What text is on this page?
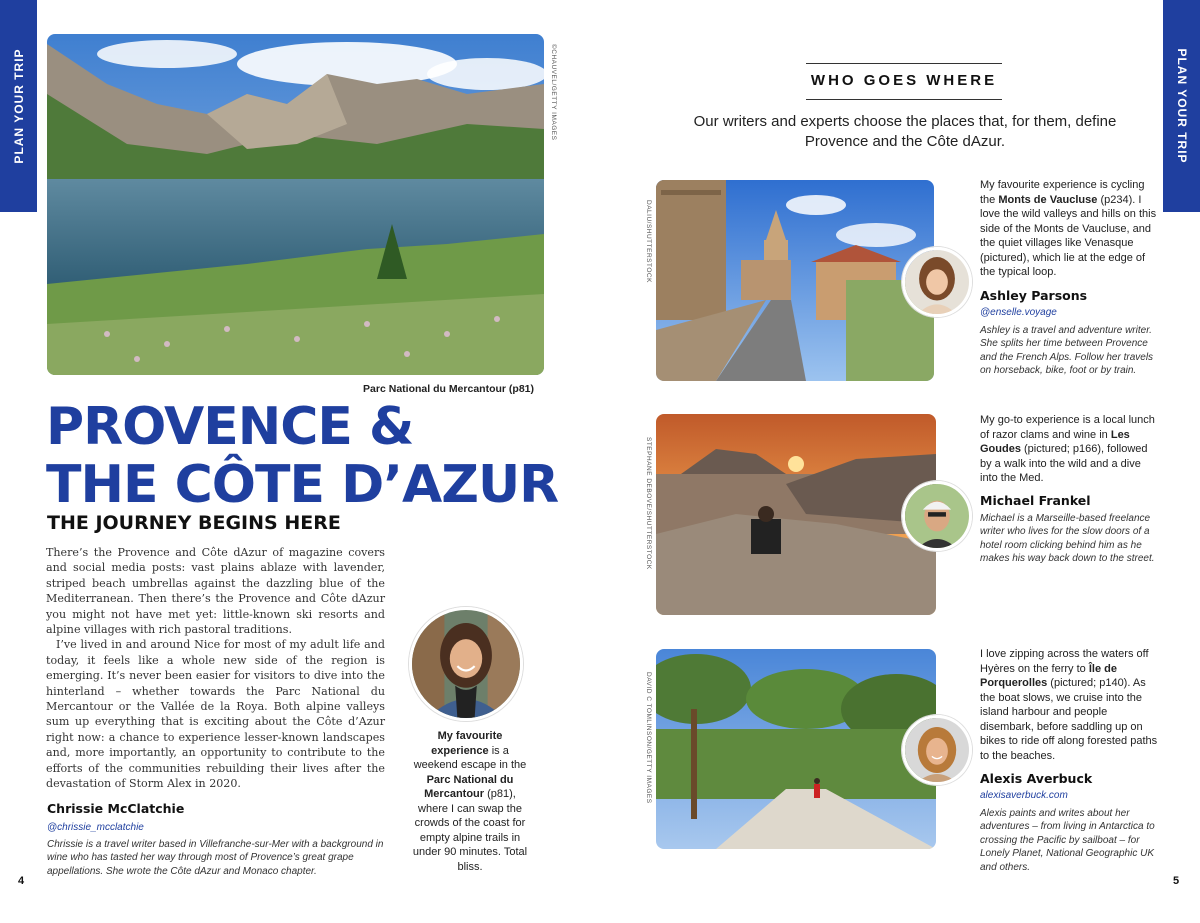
PLAN YOUR TRIP	PLAN YOUR TRIP
©CHAUVEL/GETTY IMAGES
Parc National du Mercantour (p81)
PROVENCE &
THE CÔTE D’AZUR
THE JOURNEY BEGINS HERE

There’s the Provence and Côte dAzur of magazine covers and social media posts: vast plains ablaze with lavender, striped beach umbrellas against the dazzling blue of the Mediterranean. Then there’s the Provence and Côte dAzur you might not have met yet: little-known ski resorts and alpine villages with rich pastoral traditions.

I’ve lived in and around Nice for most of my adult life and today, it feels like a whole new side of the region is emerging. It’s never been easier for visitors to dive into the hinterland – whether towards the Parc National du Mercantour or the Vallée de la Roya. Both alpine valleys sum up everything that is exciting about the Côte d’Azur right now: a chance to experience lesser-known landscapes and, more importantly, an opportunity to contribute to the efforts of the communities rebuilding their lives after the devastation of Storm Alex in 2020.

Chrissie McClatchie
@chrissie_mcclatchie
Chrissie is a travel writer based in Villefranche-sur-Mer with a background in wine who has tasted her way through most of Provence’s great grape appellations. She wrote the Côte dAzur and Monaco chapter.
My favourite experience is a weekend escape in the Parc National du Mercantour (p81), where I can swap the crowds of the coast for empty alpine trails in under 90 minutes. Total bliss.
4
WHO GOES WHERE
Our writers and experts choose the places that, for them, define Provence and the Côte dAzur.
DALIU/SHUTTERSTOCK
My favourite experience is cycling the Monts de Vaucluse (p234). I love the wild valleys and hills on this side of the Monts de Vaucluse, and the quiet villages like Venasque (pictured), which lie at the edge of the typical loop.
Ashley Parsons
@enselle.voyage
Ashley is a travel and adventure writer. She splits her time between Provence and the French Alps. Follow her travels on horseback, bike, foot or by train.
STEPHANE DEBOVE/SHUTTERSTOCK
My go-to experience is a local lunch of razor clams and wine in Les Goudes (pictured; p166), followed by a walk into the wild and a dive into the Med.
Michael Frankel
Michael is a Marseille-based freelance writer who lives for the slow doors of a hotel room clicking behind him as he makes his way back down to the street.
DAVID C TOMLINSON/GETTY IMAGES
I love zipping across the waters off Hyères on the ferry to Île de Porquerolles (pictured; p140). As the boat slows, we cruise into the island harbour and people disembark, before saddling up on bikes to ride off along forested paths to the beaches.
Alexis Averbuck
alexisaverbuck.com
Alexis paints and writes about her adventures – from living in Antarctica to crossing the Pacific by sailboat – for Lonely Planet, National Geographic UK and others.
5
